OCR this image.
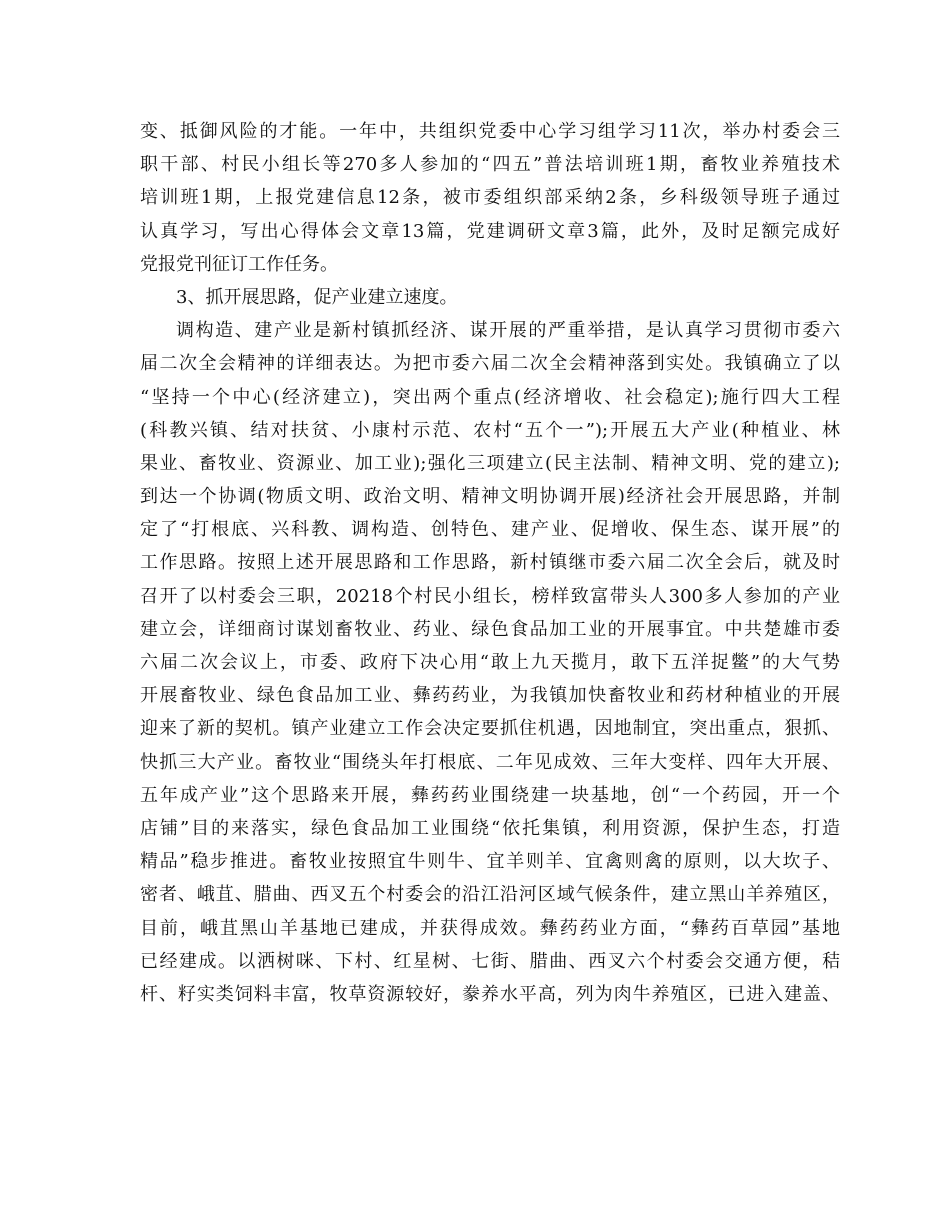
变、抵御风险的才能。一年中，共组织党委中心学习组学习11次，举办村委会三
职干部、村民小组长等270多人参加的“四五”普法培训班1期，畜牧业养殖技术
培训班1期，上报党建信息12条，被市委组织部采纳2条，乡科级领导班子通过
认真学习，写出心得体会文章13篇，党建调研文章3篇，此外，及时足额完成好
党报党刊征订工作任务。
3、抓开展思路，促产业建立速度。
调构造、建产业是新村镇抓经济、谋开展的严重举措，是认真学习贯彻市委六
届二次全会精神的详细表达。为把市委六届二次全会精神落到实处。我镇确立了以
“坚持一个中心(经济建立)，突出两个重点(经济增收、社会稳定);施行四大工程
(科教兴镇、结对扶贫、小康村示范、农村“五个一”);开展五大产业(种植业、林
果业、畜牧业、资源业、加工业);强化三项建立(民主法制、精神文明、党的建立);
到达一个协调(物质文明、政治文明、精神文明协调开展)经济社会开展思路，并制
定了“打根底、兴科教、调构造、创特色、建产业、促增收、保生态、谋开展”的
工作思路。按照上述开展思路和工作思路，新村镇继市委六届二次全会后，就及时
召开了以村委会三职，20218个村民小组长，榜样致富带头人300多人参加的产业
建立会，详细商讨谋划畜牧业、药业、绿色食品加工业的开展事宜。中共楚雄市委
六届二次会议上，市委、政府下决心用“敢上九天揽月，敢下五洋捉鳖”的大气势
开展畜牧业、绿色食品加工业、彝药药业，为我镇加快畜牧业和药材种植业的开展
迎来了新的契机。镇产业建立工作会决定要抓住机遇，因地制宜，突出重点，狠抓、
快抓三大产业。畜牧业“围绕头年打根底、二年见成效、三年大变样、四年大开展、
五年成产业”这个思路来开展，彝药药业围绕建一块基地，创“一个药园，开一个
店铺”目的来落实，绿色食品加工业围绕“依托集镇，利用资源，保护生态，打造
精品”稳步推进。畜牧业按照宜牛则牛、宜羊则羊、宜禽则禽的原则，以大坎子、
密者、峨苴、腊曲、西叉五个村委会的沿江沿河区域气候条件，建立黑山羊养殖区，
目前，峨苴黑山羊基地已建成，并获得成效。彝药药业方面，“彝药百草园”基地
已经建成。以洒树咪、下村、红星树、七街、腊曲、西叉六个村委会交通方便，秸
杆、籽实类饲料丰富，牧草资源较好，豢养水平高，列为肉牛养殖区，已进入建盖、
